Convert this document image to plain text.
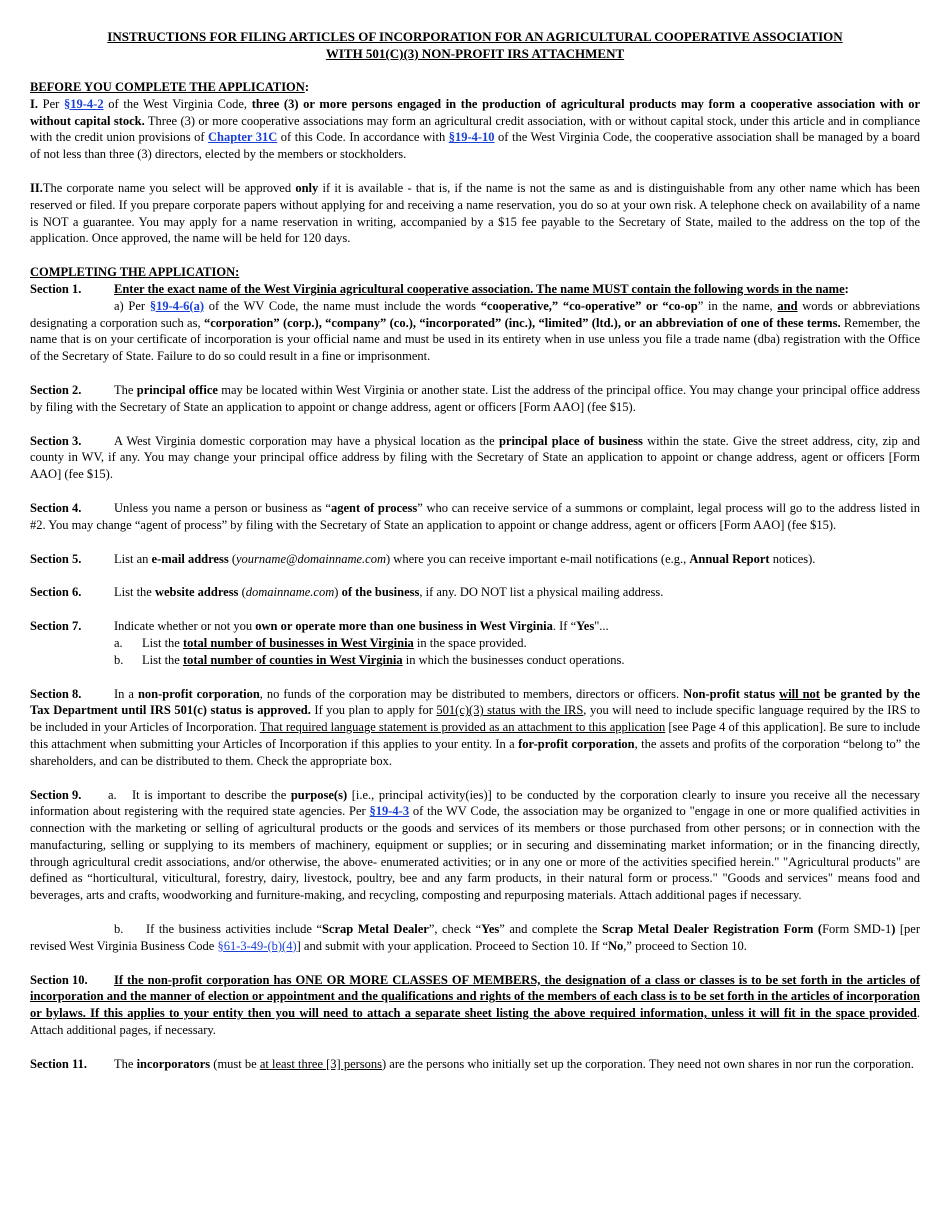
INSTRUCTIONS FOR FILING ARTICLES OF INCORPORATION FOR AN AGRICULTURAL COOPERATIVE ASSOCIATION
WITH 501(C)(3) NON-PROFIT IRS ATTACHMENT

BEFORE YOU COMPLETE THE APPLICATION:

I. Per §19-4-2 of the West Virginia Code, three (3) or more persons engaged in the production of agricultural products may form a cooperative association with or without capital stock. Three (3) or more cooperative associations may form an agricultural credit association, with or without capital stock, under this article and in compliance with the credit union provisions of Chapter 31C of this Code. In accordance with §19-4-10 of the West Virginia Code, the cooperative association shall be managed by a board of not less than three (3) directors, elected by the members or stockholders.

II.The corporate name you select will be approved only if it is available - that is, if the name is not the same as and is distinguishable from any other name which has been reserved or filed. If you prepare corporate papers without applying for and receiving a name reservation, you do so at your own risk. A telephone check on availability of a name is NOT a guarantee. You may apply for a name reservation in writing, accompanied by a $15 fee payable to the Secretary of State, mailed to the address on the top of the application. Once approved, the name will be held for 120 days.

COMPLETING THE APPLICATION:

Section 1.	Enter the exact name of the West Virginia agricultural cooperative association. The name MUST contain the following words in the name:

a) Per §19-4-6(a) of the WV Code, the name must include the words “cooperative,” “co-operative” or “co-op” in the name, and words or abbreviations designating a corporation such as, “corporation” (corp.), “company” (co.), “incorporated” (inc.), “limited” (ltd.), or an abbreviation of one of these terms. Remember, the name that is on your certificate of incorporation is your official name and must be used in its entirety when in use unless you file a trade name (dba) registration with the Office of the Secretary of State. Failure to do so could result in a fine or imprisonment.

Section 2.	The principal office may be located within West Virginia or another state. List the address of the principal office. You may change your principal office address by filing with the Secretary of State an application to appoint or change address, agent or officers [Form AAO] (fee $15).

Section 3.	A West Virginia domestic corporation may have a physical location as the principal place of business within the state. Give the street address, city, zip and county in WV, if any. You may change your principal office address by filing with the Secretary of State an application to appoint or change address, agent or officers [Form AAO] (fee $15).

Section 4.	Unless you name a person or business as “agent of process” who can receive service of a summons or complaint, legal process will go to the address listed in #2. You may change “agent of process” by filing with the Secretary of State an application to appoint or change address, agent or officers [Form AAO] (fee $15).

Section 5.	List an e-mail address (yourname@domainname.com) where you can receive important e-mail notifications (e.g., Annual Report notices).

Section 6.	List the website address (domainname.com) of the business, if any. DO NOT list a physical mailing address.

Section 7.	Indicate whether or not you own or operate more than one business in West Virginia. If “Yes"...

a.	List the total number of businesses in West Virginia in the space provided.
b.	List the total number of counties in West Virginia in which the businesses conduct operations.

Section 8.	In a non-profit corporation, no funds of the corporation may be distributed to members, directors or officers. Non-profit status will not be granted by the Tax Department until IRS 501(c) status is approved. If you plan to apply for 501(c)(3) status with the IRS, you will need to include specific language required by the IRS to be included in your Articles of Incorporation. That required language statement is provided as an attachment to this application [see Page 4 of this application]. Be sure to include this attachment when submitting your Articles of Incorporation if this applies to your entity. In a for-profit corporation, the assets and profits of the corporation “belong to” the shareholders, and can be distributed to them. Check the appropriate box.

Section 9. a. It is important to describe the purpose(s) [i.e., principal activity(ies)] to be conducted by the corporation clearly to insure you receive all the necessary information about registering with the required state agencies. Per §19-4-3 of the WV Code, the association may be organized to "engage in one or more qualified activities in connection with the marketing or selling of agricultural products or the goods and services of its members or those purchased from other persons; or in connection with the manufacturing, selling or supplying to its members of machinery, equipment or supplies; or in securing and disseminating market information; or in the financing directly, through agricultural credit associations, and/or otherwise, the above- enumerated activities; or in any one or more of the activities specified herein." "Agricultural products" are defined as “horticultural, viticultural, forestry, dairy, livestock, poultry, bee and any farm products, in their natural form or process." "Goods and services" means food and beverages, arts and crafts, woodworking and furniture-making, and recycling, composting and repurposing materials. Attach additional pages if necessary.

b. If the business activities include “Scrap Metal Dealer”, check “Yes” and complete the Scrap Metal Dealer Registration Form (Form SMD-1) [per revised West Virginia Business Code §61-3-49-(b)(4)] and submit with your application. Proceed to Section 10. If “No,” proceed to Section 10.

Section 10. If the non-profit corporation has ONE OR MORE CLASSES OF MEMBERS, the designation of a class or classes is to be set forth in the articles of incorporation and the manner of election or appointment and the qualifications and rights of the members of each class is to be set forth in the articles of incorporation or bylaws. If this applies to your entity then you will need to attach a separate sheet listing the above required information, unless it will fit in the space provided. Attach additional pages, if necessary.

Section 11. The incorporators (must be at least three [3] persons) are the persons who initially set up the corporation. They need not own shares in nor run the corporation.
